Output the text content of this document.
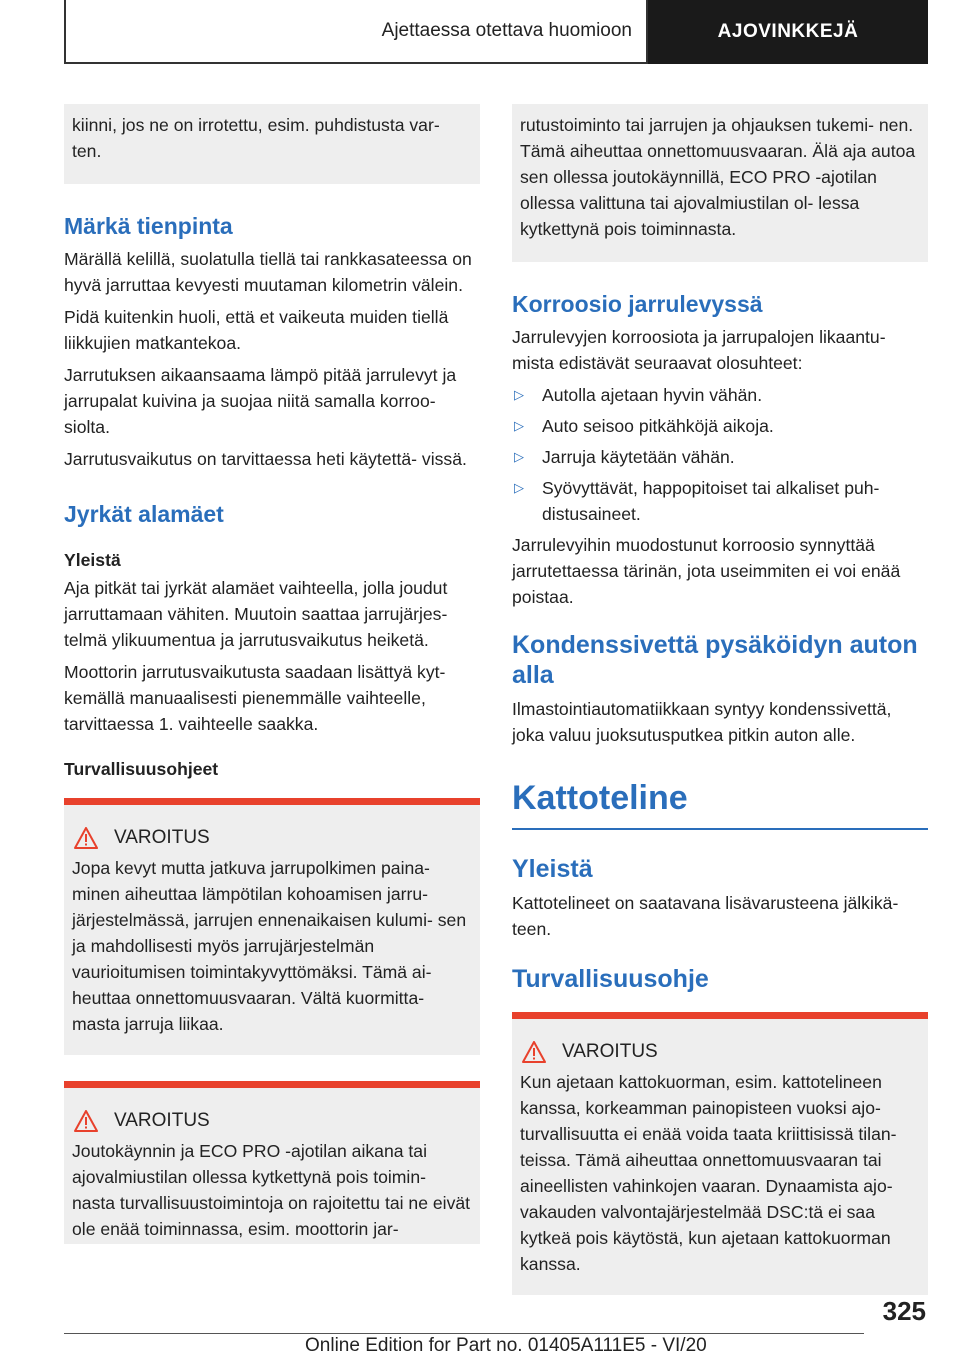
Ajettaessa otettava huomioon	AJOVINKKEJÄ

kiinni, jos ne on irrotettu, esim. puhdistusta var‐ ten.

Märkä tienpinta

Märällä kelillä, suolatulla tiellä tai rankkasateessa on hyvä jarruttaa kevyesti muutaman kilometrin välein.

Pidä kuitenkin huoli, että et vaikeuta muiden tiellä liikkujien matkantekoa.

Jarrutuksen aikaansaama lämpö pitää jarrulevyt ja jarrupalat kuivina ja suojaa niitä samalla korroo‐ siolta.

Jarrutusvaikutus on tarvittaessa heti käytettä‐ vissä.

Jyrkät alamäet
Yleistä

Aja pitkät tai jyrkät alamäet vaihteella, jolla joudut jarruttamaan vähiten. Muutoin saattaa jarrujärjes‐ telmä ylikuumentua ja jarrutusvaikutus heiketä.

Moottorin jarrutusvaikutusta saadaan lisättyä kyt‐ kemällä manuaalisesti pienemmälle vaihteelle, tarvittaessa 1. vaihteelle saakka.

Turvallisuusohjeet
VAROITUS

Jopa kevyt mutta jatkuva jarrupolkimen paina‐ minen aiheuttaa lämpötilan kohoamisen jarru‐ järjestelmässä, jarrujen ennenaikaisen kulumi‐ sen ja mahdollisesti myös jarrujärjestelmän vaurioitumisen toimintakyvyttömäksi. Tämä ai‐ heuttaa onnettomuusvaaran. Vältä kuormitta‐ masta jarruja liikaa.

VAROITUS

Joutokäynnin ja ECO PRO -ajotilan aikana tai ajovalmiustilan ollessa kytkettynä pois toimin‐ nasta turvallisuustoimintoja on rajoitettu tai ne eivät ole enää toiminnassa, esim. moottorin jar‐

rutustoiminto tai jarrujen ja ohjauksen tukemi‐ nen. Tämä aiheuttaa onnettomuusvaaran. Älä aja autoa sen ollessa joutokäynnillä, ECO PRO -ajotilan ollessa valittuna tai ajovalmiustilan ol‐ lessa kytkettynä pois toiminnasta.

Korroosio jarrulevyssä

Jarrulevyjen korroosiota ja jarrupalojen likaantu‐ mista edistävät seuraavat olosuhteet:

▷ Autolla ajetaan hyvin vähän.
▷ Auto seisoo pitkähköjä aikoja.
▷ Jarruja käytetään vähän.
▷ Syövyttävät, happopitoiset tai alkaliset puh‐ distusaineet.

Jarrulevyihin muodostunut korroosio synnyttää jarrutettaessa tärinän, jota useimmiten ei voi enää poistaa.

Kondenssivettä pysäköidyn auton alla

Ilmastointiautomatiikkaan syntyy kondenssivettä, joka valuu juoksutusputkea pitkin auton alle.

Kattoteline
Yleistä

Kattotelineet on saatavana lisävarusteena jälkikä‐ teen.

Turvallisuusohje
VAROITUS

Kun ajetaan kattokuorman, esim. kattotelineen kanssa, korkeamman painopisteen vuoksi ajo‐ turvallisuutta ei enää voida taata kriittisissä tilan‐ teissa. Tämä aiheuttaa onnettomuusvaaran tai aineellisten vahinkojen vaaran. Dynaamista ajo‐ vakauden valvontajärjestelmää DSC:tä ei saa kytkeä pois käytöstä, kun ajetaan kattokuorman kanssa.

325
Online Edition for Part no. 01405A111E5 - VI/20
